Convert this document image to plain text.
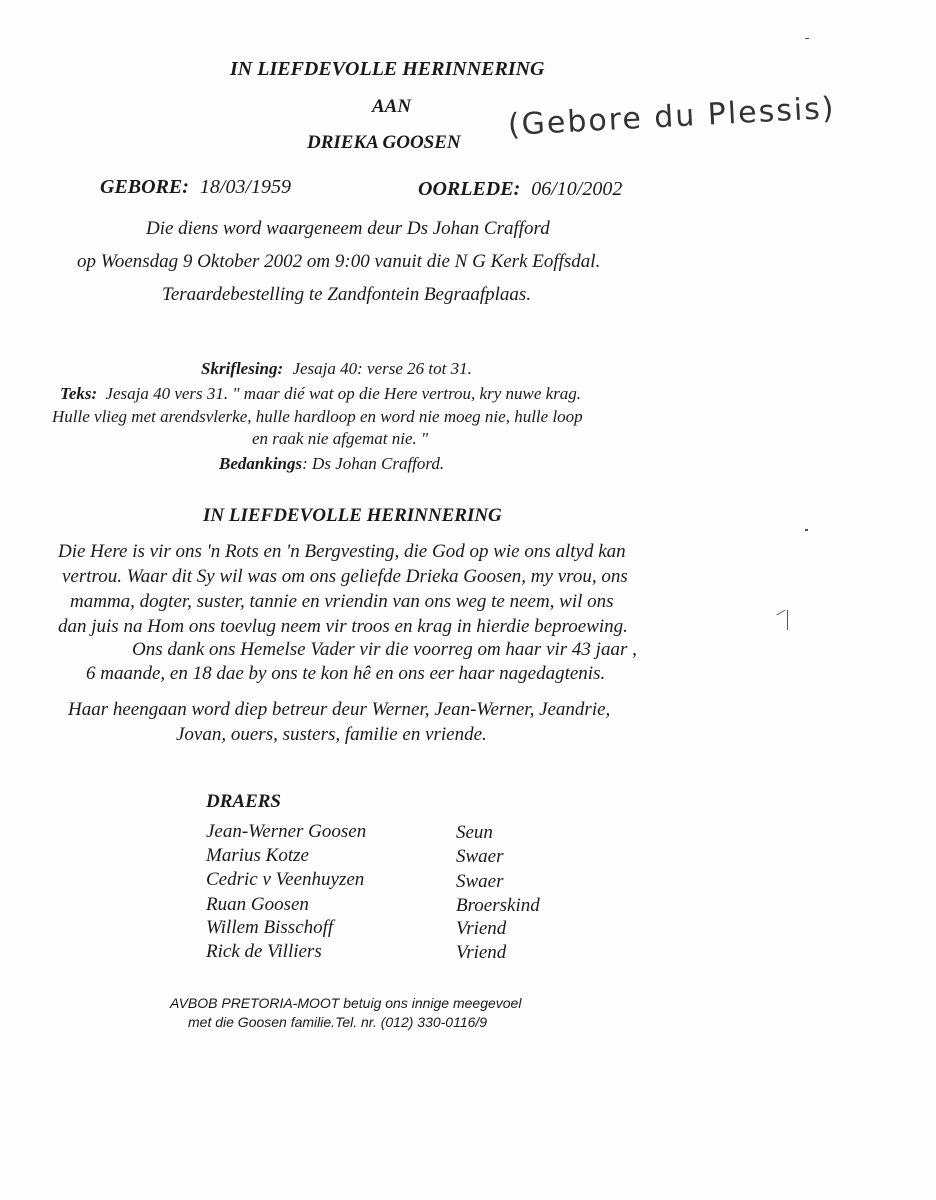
IN LIEFDEVOLLE HERINNERING
AAN
DRIEKA GOOSEN (Gebore du Plessis)
GEBORE: 18/03/1959	OORLEDE: 06/10/2002
Die diens word waargeneem deur Ds Johan Crafford
op Woensdag 9 Oktober 2002 om 9:00 vanuit die N G Kerk Eoffsdal.
Teraardebestelling te Zandfontein Begraafplaas.
Skriflesing: Jesaja 40: verse 26 tot 31.
Teks: Jesaja 40 vers 31. " maar dié wat op die Here vertrou, kry nuwe krag.
Hulle vlieg met arendsvlerke, hulle hardloop en word nie moeg nie, hulle loop
en raak nie afgemat nie. "
Bedankings: Ds Johan Crafford.
IN LIEFDEVOLLE HERINNERING
Die Here is vir ons 'n Rots en 'n Bergvesting, die God op wie ons altyd kan
vertrou. Waar dit Sy wil was om ons geliefde Drieka Goosen, my vrou, ons
mamma, dogter, suster, tannie en vriendin van ons weg te neem, wil ons
dan juis na Hom ons toevlug neem vir troos en krag in hierdie beproewing.
Ons dank ons Hemelse Vader vir die voorreg om haar vir 43 jaar ,
6 maande, en 18 dae by ons te kon hê en ons eer haar nagedagtenis.
Haar heengaan word diep betreur deur Werner, Jean-Werner, Jeandrie,
Jovan, ouers, susters, familie en vriende.
DRAERS
Jean-Werner Goosen	Seun
Marius Kotze	Swaer
Cedric v Veenhuyzen	Swaer
Ruan Goosen	Broerskind
Willem Bisschoff	Vriend
Rick de Villiers	Vriend
AVBOB PRETORIA-MOOT betuig ons innige meegevoel
met die Goosen familie.Tel. nr. (012) 330-0116/9
